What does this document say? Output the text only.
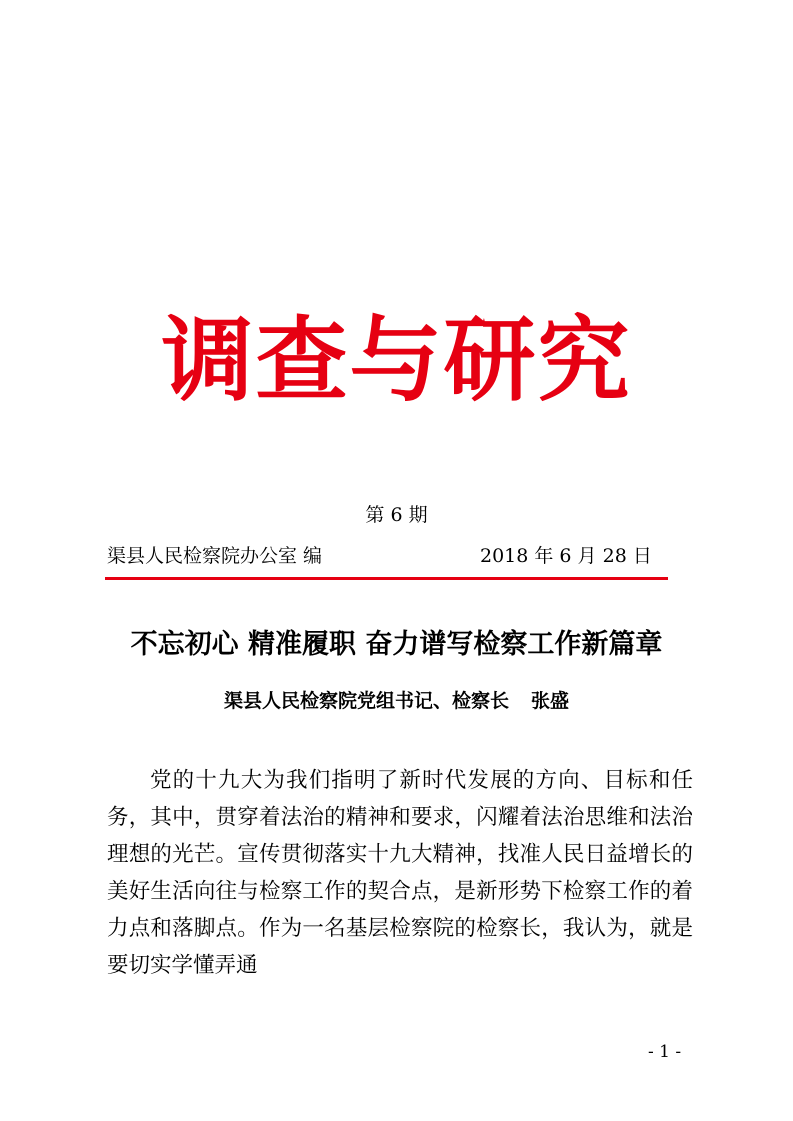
调查与研究
第 6 期
渠县人民检察院办公室 编	2018 年 6 月 28 日
不忘初心 精准履职 奋力谱写检察工作新篇章
渠县人民检察院党组书记、检察长 张盛

党的十九大为我们指明了新时代发展的方向、目标和任务，其中，贯穿着法治的精神和要求，闪耀着法治思维和法治理想的光芒。宣传贯彻落实十九大精神，找准人民日益增长的美好生活向往与检察工作的契合点，是新形势下检察工作的着力点和落脚点。作为一名基层检察院的检察长，我认为，就是要切实学懂弄通

- 1 -
